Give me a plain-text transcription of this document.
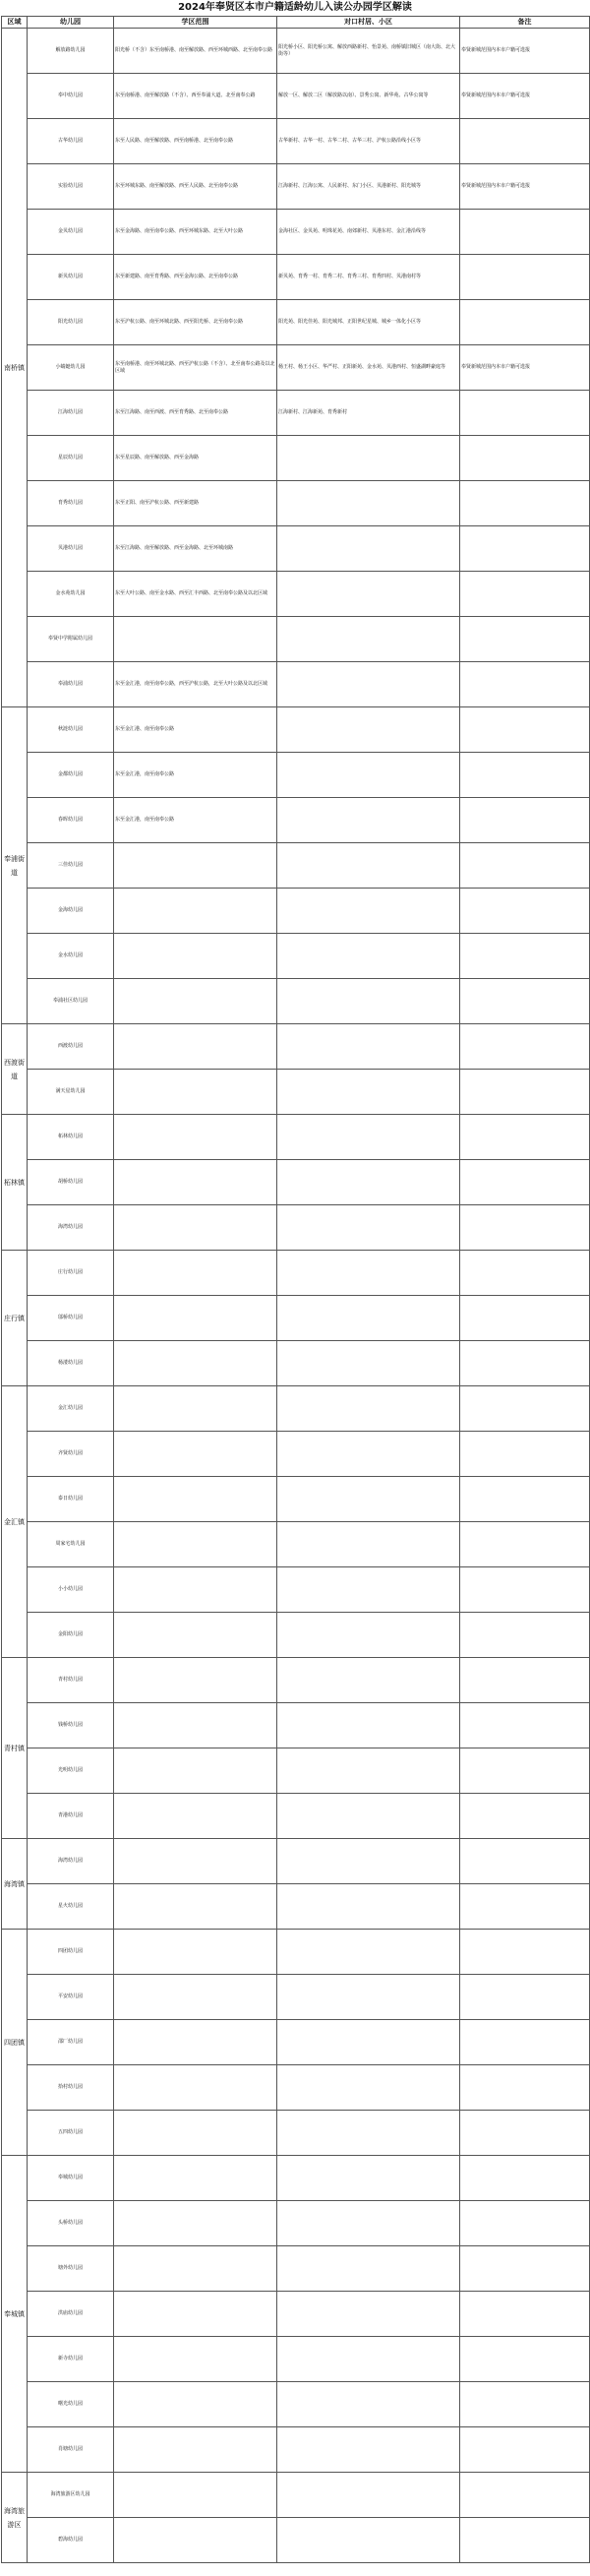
2024年奉贤区本市户籍适龄幼儿入读公办园学区解读
区域	幼儿园	学区范围	对口村居、小区	备注
南桥镇	解放路幼儿园	阳光桥（不含）东至南桥港、南至解放路、西至环城西路、北至南奉公路	阳光桥小区、阳光桥公寓、解放西路新村、怡景苑、南桥镇旧城区（南大街、北大街等）	奉贤新城范围内本市户籍可选报
	奉中幼儿园	东至南桥港、南至解放路（不含）、西至奉浦大道、北至南奉公路	解放一区、解放二区（解放路以南）、景秀公寓、新华苑、古华公寓等	奉贤新城范围内本市户籍可选报
	古华幼儿园	东至人民路、南至解放路、西至南桥港、北至南奉公路	古华新村、古华一村、古华二村、古华三村、沪杭公路沿线小区等	
	实验幼儿园	东至环城东路、南至解放路、西至人民路、北至南奉公路	江海新村、江海公寓、人民新村、东门小区、贝港新村、阳光城等	奉贤新城范围内本市户籍可选报
	金贝幼儿园	东至金海路、南至南奉公路、西至环城东路、北至大叶公路	金海社区、金贝苑、明珠花苑、南郊新村、贝港东村、金汇港沿线等	
	新贝幼儿园	东至新建路、南至育秀路、西至金海公路、北至南奉公路	新贝苑、育秀一村、育秀二村、育秀三村、育秀四村、贝港南村等	
	阳光幼儿园	东至沪杭公路、南至环城北路、西至阳光桥、北至南奉公路	阳光苑、阳光佳苑、阳光城邦、正阳世纪星城、城乡一体化小区等	
	小蜻蜓幼儿园	东至南桥港、南至环城北路、西至沪杭公路（不含）、北至南奉公路及以北区域	杨王村、杨王小区、华严村、正阳新苑、金水苑、贝港西村、恒盛湖畔豪庭等	奉贤新城范围内本市户籍可选报
	江海幼儿园	东至江海路、南至西渡、西至育秀路、北至南奉公路	江海新村、江海新苑、育秀新村	
	星辰幼儿园	东至星辰路、南至解放路、西至金海路		
	育秀幼儿园	东至正阳、南至沪杭公路、西至新建路		
	贝港幼儿园	东至江海路、南至解放路、西至金海路、北至环城南路		
	金水苑幼儿园	东至大叶公路、南至金水路、西至汇丰西路、北至南奉公路及以北区域		
	奉贤中学附属幼儿园			
	奉浦幼儿园	东至金汇港，南至南奉公路，西至沪杭公路，北至大叶公路及以北区域		
奉浦街道	秋涟幼儿园	东至金汇港、南至南奉公路		
	金都幼儿园	东至金汇港，南至南奉公路		
	春晖幼儿园	东至金汇港，南至南奉公路		
	三佳幼儿园			
	金海幼儿园			
	金水幼儿园			
	奉浦社区幼儿园			
西渡街道	西渡幼儿园			
	满天星幼儿园			
柘林镇	柘林幼儿园			
	胡桥幼儿园			
	海湾幼儿园			
庄行镇	庄行幼儿园			
	邬桥幼儿园			
	杨溇幼儿园			
金汇镇	金汇幼儿园			
	齐贤幼儿园			
	泰日幼儿园			
	周家宅幼儿园			
	小小幼儿园			
	金阳幼儿园			
青村镇	青村幼儿园			
	钱桥幼儿园			
	光明幼儿园			
	青港幼儿园			
海湾镇	海湾幼儿园			
	星火幼儿园			
四团镇	四团幼儿园			
	平安幼儿园			
	邵厂幼儿园			
	拾村幼儿园			
	五四幼儿园			
奉城镇	奉城幼儿园			
	头桥幼儿园			
	塘外幼儿园			
	洪庙幼儿园			
	新寺幼儿园			
	曙光幼儿园			
	肖塘幼儿园			
海湾旅游区	海湾旅游区幼儿园			
	碧海幼儿园			
